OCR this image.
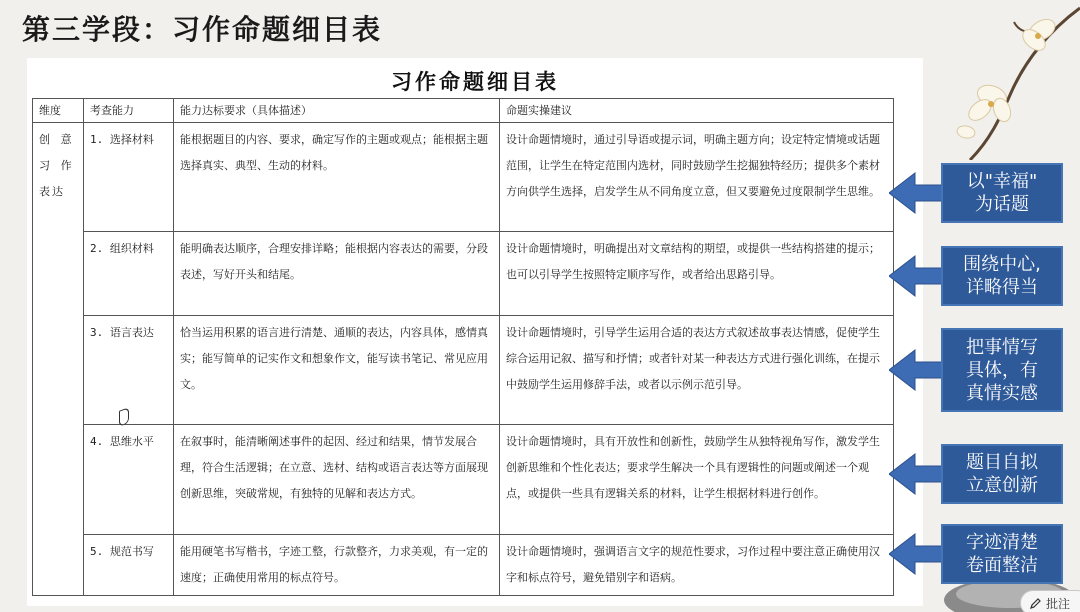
第三学段：习作命题细目表
习作命题细目表
维度	考查能力	能力达标要求（具体描述）	命题实操建议
创 意
习 作
表达	1. 选择材料	能根据题目的内容、要求，确定写作的主题或观点；能根据主题选择真实、典型、生动的材料。	设计命题情境时，通过引导语或提示词，明确主题方向；设定特定情境或话题范围，让学生在特定范围内选材，同时鼓励学生挖掘独特经历；提供多个素材方向供学生选择，启发学生从不同角度立意，但又要避免过度限制学生思维。
	2. 组织材料	能明确表达顺序，合理安排详略；能根据内容表达的需要，分段表述，写好开头和结尾。	设计命题情境时，明确提出对文章结构的期望，或提供一些结构搭建的提示；也可以引导学生按照特定顺序写作，或者给出思路引导。
	3. 语言表达	恰当运用积累的语言进行清楚、通顺的表达，内容具体，感情真实；能写简单的记实作文和想象作文，能写读书笔记、常见应用文。	设计命题情境时，引导学生运用合适的表达方式叙述故事表达情感，促使学生综合运用记叙、描写和抒情；或者针对某一种表达方式进行强化训练，在提示中鼓励学生运用修辞手法，或者以示例示范引导。
	4. 思维水平	在叙事时，能清晰阐述事件的起因、经过和结果，情节发展合理，符合生活逻辑；在立意、选材、结构或语言表达等方面展现创新思维，突破常规，有独特的见解和表达方式。	设计命题情境时，具有开放性和创新性，鼓励学生从独特视角写作，激发学生创新思维和个性化表达；要求学生解决一个具有逻辑性的问题或阐述一个观点，或提供一些具有逻辑关系的材料，让学生根据材料进行创作。
	5. 规范书写	能用硬笔书写楷书，字迹工整，行款整齐，力求美观，有一定的速度；正确使用常用的标点符号。	设计命题情境时，强调语言文字的规范性要求，习作过程中要注意正确使用汉字和标点符号，避免错别字和语病。
以"幸福"
为话题
围绕中心,
详略得当
把事情写
具体，有
真情实感
题目自拟
立意创新
字迹清楚
卷面整洁
批注
